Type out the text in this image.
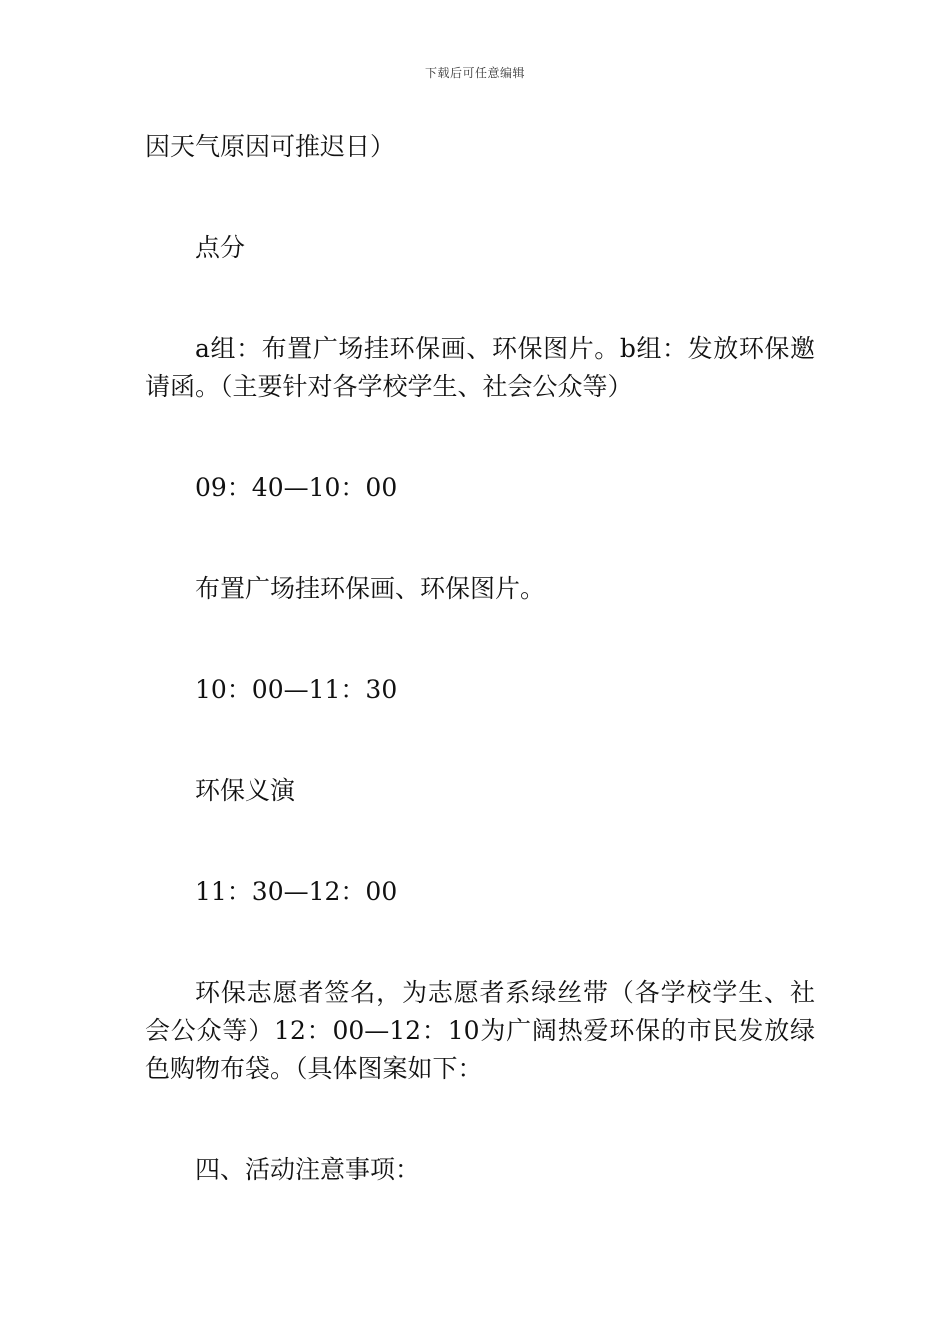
下载后可任意编辑

因天气原因可推迟日）

点分

a组：布置广场挂环保画、环保图片。b组：发放环保邀请函。（主要针对各学校学生、社会公众等）

09：40—10：00

布置广场挂环保画、环保图片。

10：00—11：30

环保义演

11：30—12：00

环保志愿者签名，为志愿者系绿丝带（各学校学生、社会公众等）12：00—12：10为广阔热爱环保的市民发放绿色购物布袋。（具体图案如下：

四、活动注意事项：
